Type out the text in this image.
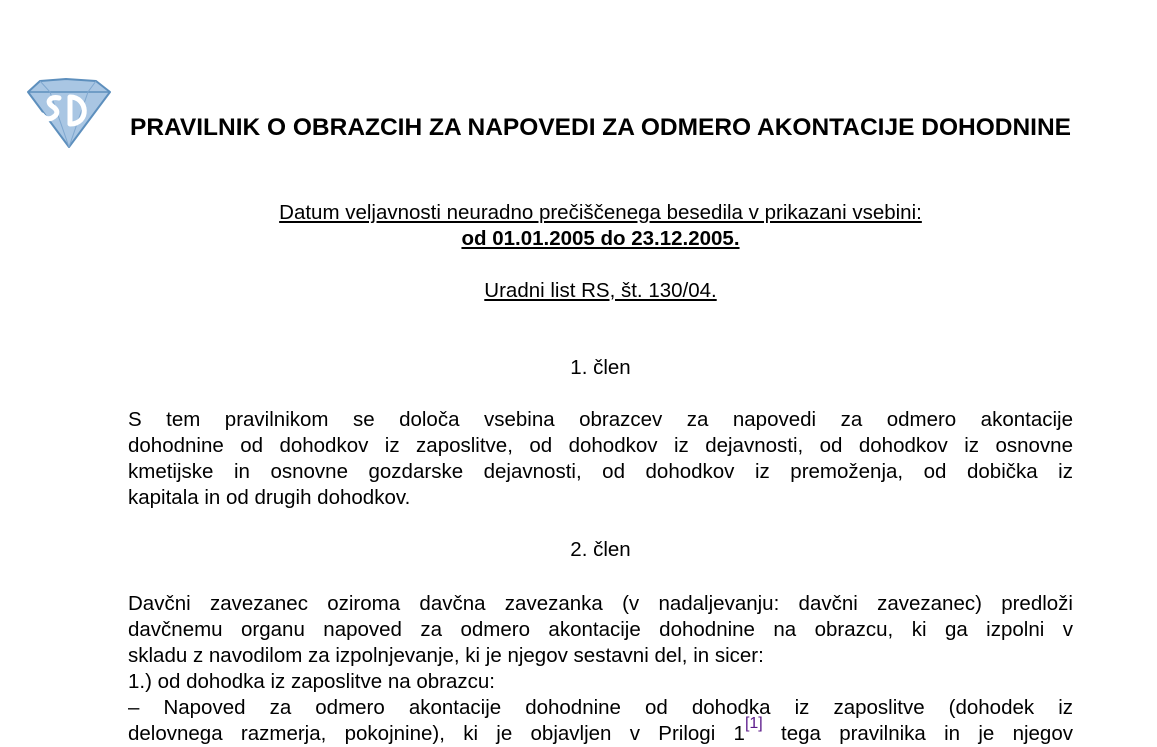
PRAVILNIK O OBRAZCIH ZA NAPOVEDI ZA ODMERO AKONTACIJE DOHODNINE
Datum veljavnosti neuradno prečiščenega besedila v prikazani vsebini:
od 01.01.2005 do 23.12.2005.
Uradni list RS, št. 130/04.
1. člen

S tem pravilnikom se določa vsebina obrazcev za napovedi za odmero akontacije
dohodnine od dohodkov iz zaposlitve, od dohodkov iz dejavnosti, od dohodkov iz osnovne
kmetijske in osnovne gozdarske dejavnosti, od dohodkov iz premoženja, od dobička iz
kapitala in od drugih dohodkov.

2. člen

Davčni zavezanec oziroma davčna zavezanka (v nadaljevanju: davčni zavezanec) predloži
davčnemu organu napoved za odmero akontacije dohodnine na obrazcu, ki ga izpolni v
skladu z navodilom za izpolnjevanje, ki je njegov sestavni del, in sicer:
1.) od dohodka iz zaposlitve na obrazcu:
– Napoved za odmero akontacije dohodnine od dohodka iz zaposlitve (dohodek iz
delovnega razmerja, pokojnine), ki je objavljen v Prilogi 1[1] tega pravilnika in je njegov
